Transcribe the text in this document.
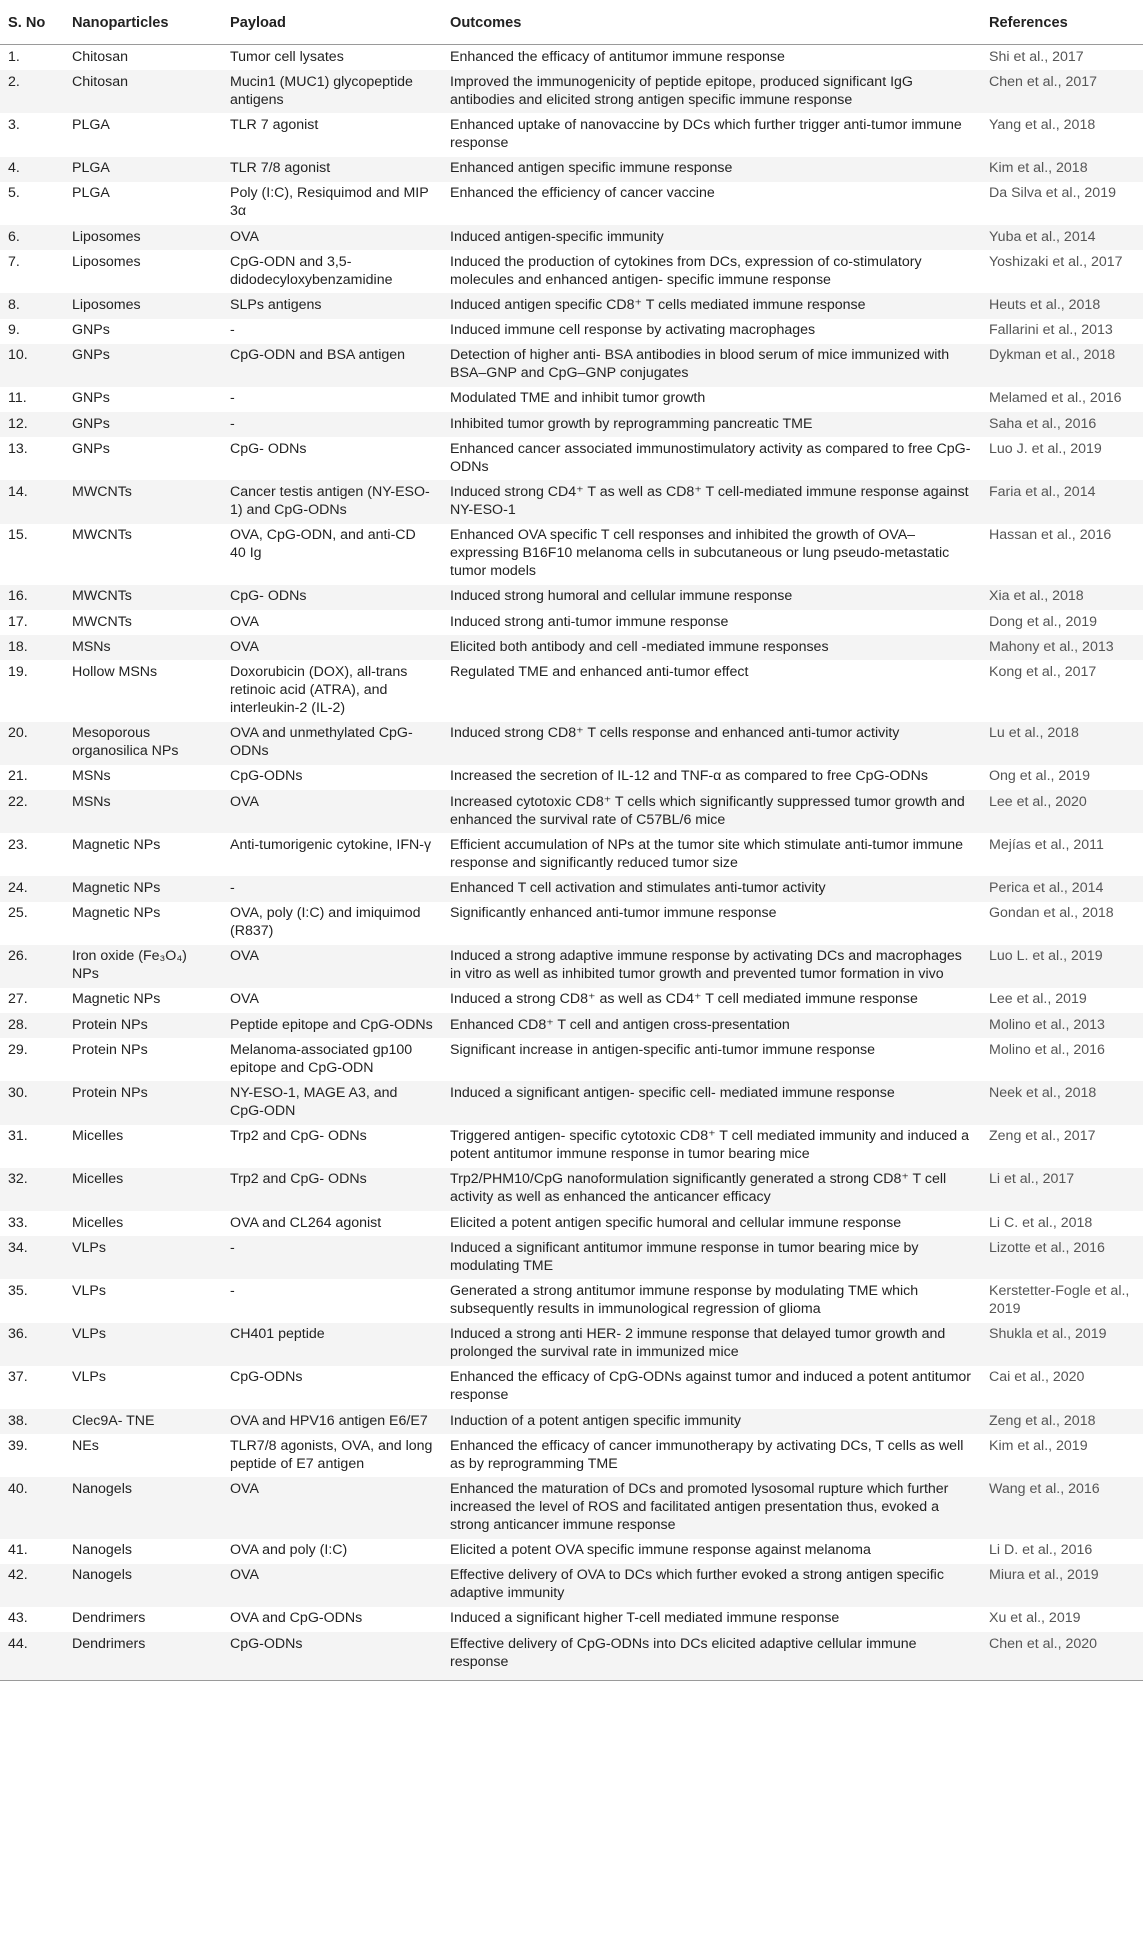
S. No	Nanoparticles	Payload	Outcomes	References
1.	Chitosan	Tumor cell lysates	Enhanced the efficacy of antitumor immune response	Shi et al., 2017
2.	Chitosan	Mucin1 (MUC1) glycopeptide antigens	Improved the immunogenicity of peptide epitope, produced significant IgG antibodies and elicited strong antigen specific immune response	Chen et al., 2017
3.	PLGA	TLR 7 agonist	Enhanced uptake of nanovaccine by DCs which further trigger anti-tumor immune response	Yang et al., 2018
4.	PLGA	TLR 7/8 agonist	Enhanced antigen specific immune response	Kim et al., 2018
5.	PLGA	Poly (I:C), Resiquimod and MIP 3α	Enhanced the efficiency of cancer vaccine	Da Silva et al., 2019
6.	Liposomes	OVA	Induced antigen-specific immunity	Yuba et al., 2014
7.	Liposomes	CpG-ODN and 3,5-didodecyloxybenzamidine	Induced the production of cytokines from DCs, expression of co-stimulatory molecules and enhanced antigen- specific immune response	Yoshizaki et al., 2017
8.	Liposomes	SLPs antigens	Induced antigen specific CD8⁺ T cells mediated immune response	Heuts et al., 2018
9.	GNPs	-	Induced immune cell response by activating macrophages	Fallarini et al., 2013
10.	GNPs	CpG-ODN and BSA antigen	Detection of higher anti- BSA antibodies in blood serum of mice immunized with BSA–GNP and CpG–GNP conjugates	Dykman et al., 2018
11.	GNPs	-	Modulated TME and inhibit tumor growth	Melamed et al., 2016
12.	GNPs	-	Inhibited tumor growth by reprogramming pancreatic TME	Saha et al., 2016
13.	GNPs	CpG- ODNs	Enhanced cancer associated immunostimulatory activity as compared to free CpG-ODNs	Luo J. et al., 2019
14.	MWCNTs	Cancer testis antigen (NY-ESO-1) and CpG-ODNs	Induced strong CD4⁺ T as well as CD8⁺ T cell-mediated immune response against NY-ESO-1	Faria et al., 2014
15.	MWCNTs	OVA, CpG-ODN, and anti-CD 40 Ig	Enhanced OVA specific T cell responses and inhibited the growth of OVA–expressing B16F10 melanoma cells in subcutaneous or lung pseudo-metastatic tumor models	Hassan et al., 2016
16.	MWCNTs	CpG- ODNs	Induced strong humoral and cellular immune response	Xia et al., 2018
17.	MWCNTs	OVA	Induced strong anti-tumor immune response	Dong et al., 2019
18.	MSNs	OVA	Elicited both antibody and cell -mediated immune responses	Mahony et al., 2013
19.	Hollow MSNs	Doxorubicin (DOX), all-trans retinoic acid (ATRA), and interleukin-2 (IL-2)	Regulated TME and enhanced anti-tumor effect	Kong et al., 2017
20.	Mesoporous organosilica NPs	OVA and unmethylated CpG-ODNs	Induced strong CD8⁺ T cells response and enhanced anti-tumor activity	Lu et al., 2018
21.	MSNs	CpG-ODNs	Increased the secretion of IL-12 and TNF-α as compared to free CpG-ODNs	Ong et al., 2019
22.	MSNs	OVA	Increased cytotoxic CD8⁺ T cells which significantly suppressed tumor growth and enhanced the survival rate of C57BL/6 mice	Lee et al., 2020
23.	Magnetic NPs	Anti-tumorigenic cytokine, IFN-γ	Efficient accumulation of NPs at the tumor site which stimulate anti-tumor immune response and significantly reduced tumor size	Mejías et al., 2011
24.	Magnetic NPs	-	Enhanced T cell activation and stimulates anti-tumor activity	Perica et al., 2014
25.	Magnetic NPs	OVA, poly (I:C) and imiquimod (R837)	Significantly enhanced anti-tumor immune response	Gondan et al., 2018
26.	Iron oxide (Fe₃O₄) NPs	OVA	Induced a strong adaptive immune response by activating DCs and macrophages in vitro as well as inhibited tumor growth and prevented tumor formation in vivo	Luo L. et al., 2019
27.	Magnetic NPs	OVA	Induced a strong CD8⁺ as well as CD4⁺ T cell mediated immune response	Lee et al., 2019
28.	Protein NPs	Peptide epitope and CpG-ODNs	Enhanced CD8⁺ T cell and antigen cross-presentation	Molino et al., 2013
29.	Protein NPs	Melanoma-associated gp100 epitope and CpG-ODN	Significant increase in antigen-specific anti-tumor immune response	Molino et al., 2016
30.	Protein NPs	NY-ESO-1, MAGE A3, and CpG-ODN	Induced a significant antigen- specific cell- mediated immune response	Neek et al., 2018
31.	Micelles	Trp2 and CpG- ODNs	Triggered antigen- specific cytotoxic CD8⁺ T cell mediated immunity and induced a potent antitumor immune response in tumor bearing mice	Zeng et al., 2017
32.	Micelles	Trp2 and CpG- ODNs	Trp2/PHM10/CpG nanoformulation significantly generated a strong CD8⁺ T cell activity as well as enhanced the anticancer efficacy	Li et al., 2017
33.	Micelles	OVA and CL264 agonist	Elicited a potent antigen specific humoral and cellular immune response	Li C. et al., 2018
34.	VLPs	-	Induced a significant antitumor immune response in tumor bearing mice by modulating TME	Lizotte et al., 2016
35.	VLPs	-	Generated a strong antitumor immune response by modulating TME which subsequently results in immunological regression of glioma	Kerstetter-Fogle et al., 2019
36.	VLPs	CH401 peptide	Induced a strong anti HER- 2 immune response that delayed tumor growth and prolonged the survival rate in immunized mice	Shukla et al., 2019
37.	VLPs	CpG-ODNs	Enhanced the efficacy of CpG-ODNs against tumor and induced a potent antitumor response	Cai et al., 2020
38.	Clec9A- TNE	OVA and HPV16 antigen E6/E7	Induction of a potent antigen specific immunity	Zeng et al., 2018
39.	NEs	TLR7/8 agonists, OVA, and long peptide of E7 antigen	Enhanced the efficacy of cancer immunotherapy by activating DCs, T cells as well as by reprogramming TME	Kim et al., 2019
40.	Nanogels	OVA	Enhanced the maturation of DCs and promoted lysosomal rupture which further increased the level of ROS and facilitated antigen presentation thus, evoked a strong anticancer immune response	Wang et al., 2016
41.	Nanogels	OVA and poly (I:C)	Elicited a potent OVA specific immune response against melanoma	Li D. et al., 2016
42.	Nanogels	OVA	Effective delivery of OVA to DCs which further evoked a strong antigen specific adaptive immunity	Miura et al., 2019
43.	Dendrimers	OVA and CpG-ODNs	Induced a significant higher T-cell mediated immune response	Xu et al., 2019
44.	Dendrimers	CpG-ODNs	Effective delivery of CpG-ODNs into DCs elicited adaptive cellular immune response	Chen et al., 2020
